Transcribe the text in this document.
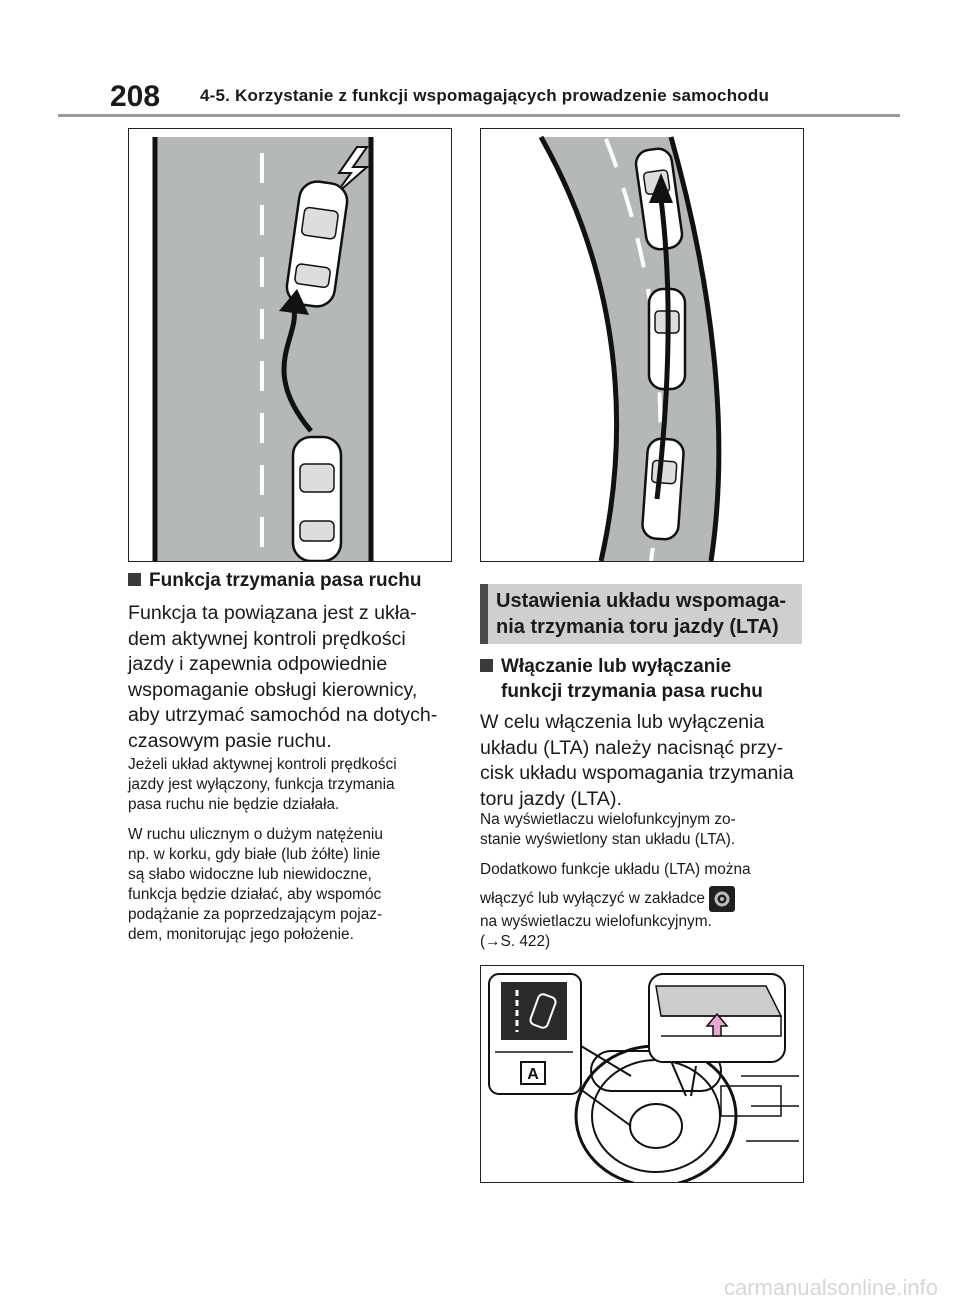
208 4-5. Korzystanie z funkcji wspomagających prowadzenie samochodu
Funkcja trzymania pasa ruchu
Funkcja ta powiązana jest z ukła-
dem aktywnej kontroli prędkości
jazdy i zapewnia odpowiednie
wspomaganie obsługi kierownicy,
aby utrzymać samochód na dotych-
czasowym pasie ruchu.
Jeżeli układ aktywnej kontroli prędkości
jazdy jest wyłączony, funkcja trzymania
pasa ruchu nie będzie działała.
W ruchu ulicznym o dużym natężeniu
np. w korku, gdy białe (lub żółte) linie
są słabo widoczne lub niewidoczne,
funkcja będzie działać, aby wspomóc
podążanie za poprzedzającym pojaz-
dem, monitorując jego położenie.
Ustawienia układu wspomaga-
nia trzymania toru jazdy (LTA)
Włączanie lub wyłączanie
funkcji trzymania pasa ruchu
W celu włączenia lub wyłączenia
układu (LTA) należy nacisnąć przy-
cisk układu wspomagania trzymania
toru jazdy (LTA).
Na wyświetlaczu wielofunkcyjnym zo-
stanie wyświetlony stan układu (LTA).
Dodatkowo funkcje układu (LTA) można
włączyć lub wyłączyć w zakładce
na wyświetlaczu wielofunkcyjnym.
(→S. 422)
A
carmanualsonline.info
